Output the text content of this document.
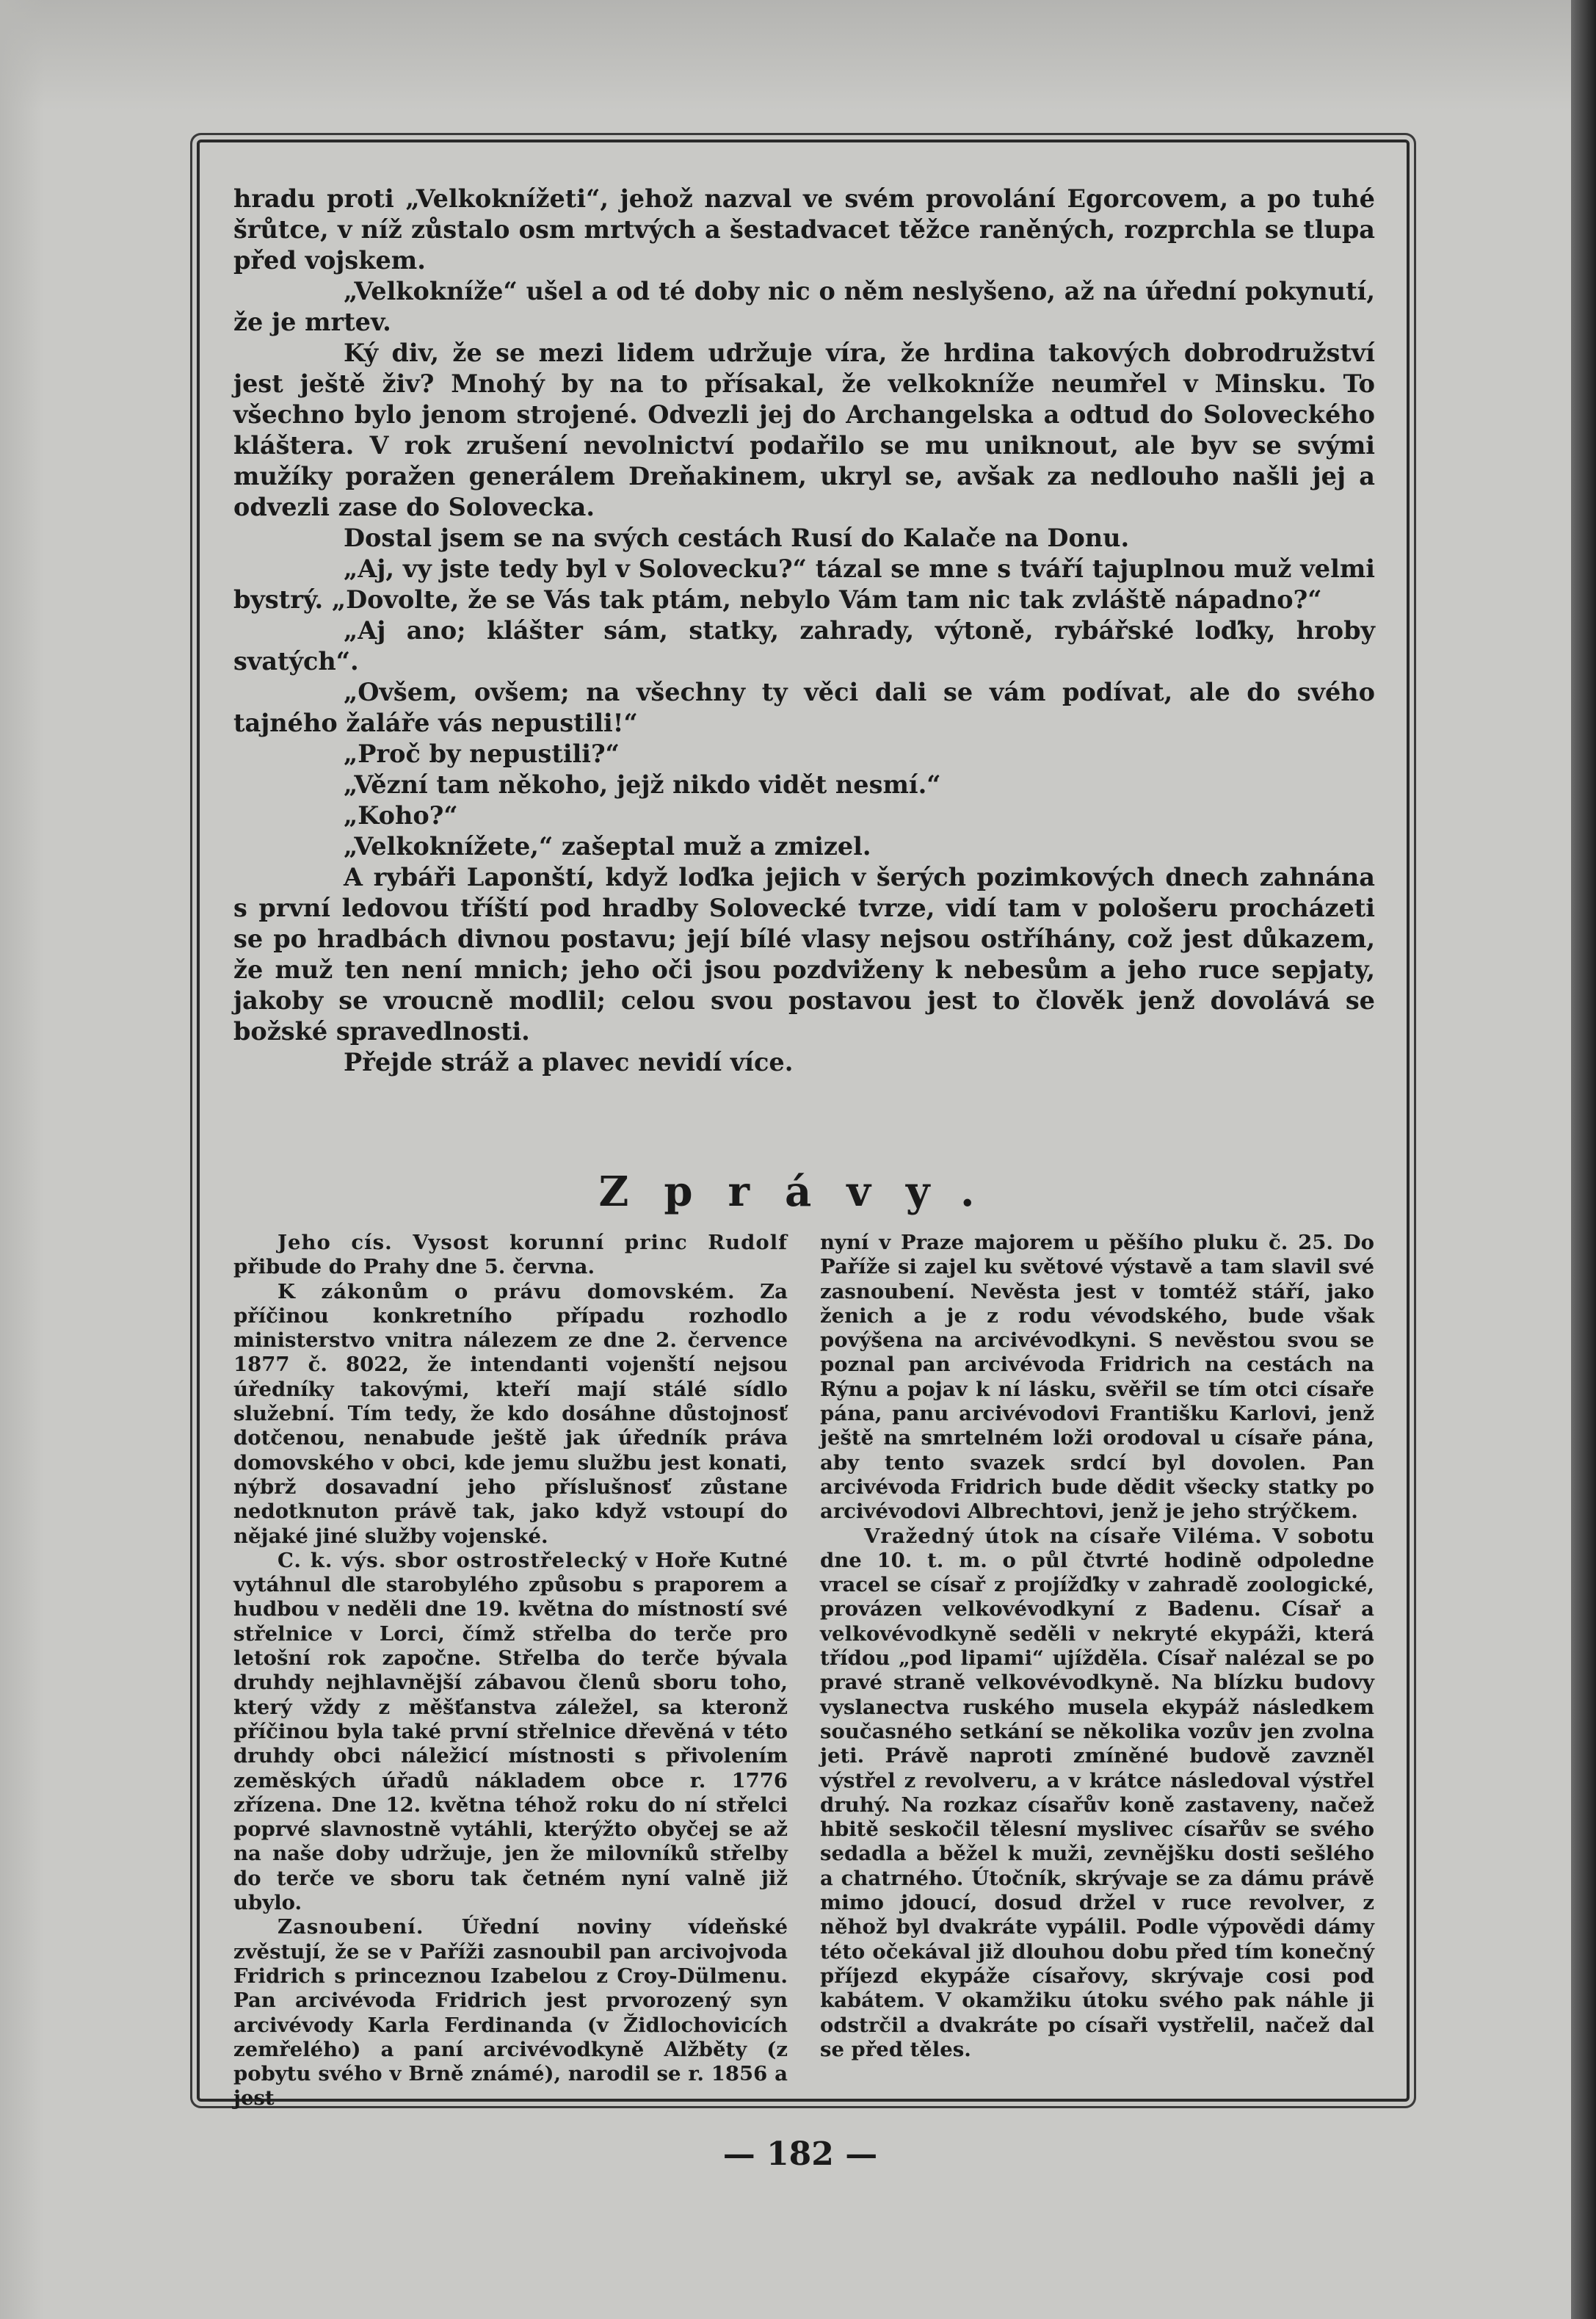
hradu proti „Velkoknížeti“, jehož nazval ve svém provolání Egorcovem, a po tuhé šrůtce, v níž zůstalo osm mrtvých a šestadvacet těžce raněných, rozprchla se tlupa před vojskem.

„Velkokníže“ ušel a od té doby nic o něm neslyšeno, až na úřední pokynutí, že je mrtev.

Ký div, že se mezi lidem udržuje víra, že hrdina takových dobrodružství jest ještě živ? Mnohý by na to přísakal, že velkokníže neumřel v Minsku. To všechno bylo jenom strojené. Odvezli jej do Archangelska a odtud do Soloveckého kláštera. V rok zrušení nevolnictví podařilo se mu uniknout, ale byv se svými mužíky poražen generálem Dreňakinem, ukryl se, avšak za nedlouho našli jej a odvezli zase do Solovecka.

Dostal jsem se na svých cestách Rusí do Kalače na Donu.

„Aj, vy jste tedy byl v Solovecku?“ tázal se mne s tváří tajuplnou muž velmi bystrý. „Dovolte, že se Vás tak ptám, nebylo Vám tam nic tak zvláště nápadno?“

„Aj ano; klášter sám, statky, zahrady, výtoně, rybářské loďky, hroby svatých“.

„Ovšem, ovšem; na všechny ty věci dali se vám podívat, ale do svého tajného žaláře vás nepustili!“

„Proč by nepustili?“

„Vězní tam někoho, jejž nikdo vidět nesmí.“

„Koho?“

„Velkoknížete,“ zašeptal muž a zmizel.

A rybáři Laponští, když loďka jejich v šerých pozimkových dnech zahnána s první ledovou tříští pod hradby Solovecké tvrze, vidí tam v pološeru procházeti se po hradbách divnou postavu; její bílé vlasy nejsou ostříhány, což jest důkazem, že muž ten není mnich; jeho oči jsou pozdviženy k nebesům a jeho ruce sepjaty, jakoby se vroucně modlil; celou svou postavou jest to člověk jenž dovolává se božské spravedlnosti.

Přejde stráž a plavec nevidí více.

Zprávy.

Jeho cís. Vysost korunní princ Rudolf přibude do Prahy dne 5. června.

K zákonům o právu domovském. Za příčinou konkretního případu rozhodlo ministerstvo vnitra nálezem ze dne 2. července 1877 č. 8022, že intendanti vojenští nejsou úředníky takovými, kteří mají stálé sídlo služební. Tím tedy, že kdo dosáhne důstojnosť dotčenou, nenabude ještě jak úředník práva domovského v obci, kde jemu službu jest konati, nýbrž dosavadní jeho příslušnosť zůstane nedotknuton právě tak, jako když vstoupí do nějaké jiné služby vojenské.

C. k. výs. sbor ostrostřelecký v Hoře Kutné vytáhnul dle starobylého způsobu s praporem a hudbou v neděli dne 19. května do místností své střelnice v Lorci, čímž střelba do terče pro letošní rok započne. Střelba do terče bývala druhdy nejhlavnější zábavou členů sboru toho, který vždy z měšťanstva záležel, sa kteronž příčinou byla také první střelnice dřevěná v této druhdy obci náležicí místnosti s přivolením zeměských úřadů nákladem obce r. 1776 zřízena. Dne 12. května téhož roku do ní střelci poprvé slavnostně vytáhli, kterýžto obyčej se až na naše doby udržuje, jen že milovníků střelby do terče ve sboru tak četném nyní valně již ubylo.

Zasnoubení. Úřední noviny vídeňské zvěstují, že se v Paříži zasnoubil pan arcivojvoda Fridrich s princeznou Izabelou z Croy-Dülmenu. Pan arcivévoda Fridrich jest prvorozený syn arcivévody Karla Ferdinanda (v Židlochovicích zemřelého) a paní arcivévodkyně Alžběty (z pobytu svého v Brně známé), narodil se r. 1856 a jest

nyní v Praze majorem u pěšího pluku č. 25. Do Paříže si zajel ku světové výstavě a tam slavil své zasnoubení. Nevěsta jest v tomtéž stáří, jako ženich a je z rodu vévodského, bude však povýšena na arcivévodkyni. S nevěstou svou se poznal pan arcivévoda Fridrich na cestách na Rýnu a pojav k ní lásku, svěřil se tím otci císaře pána, panu arcivévodovi Františku Karlovi, jenž ještě na smrtelném loži orodoval u císaře pána, aby tento svazek srdcí byl dovolen. Pan arcivévoda Fridrich bude dědit všecky statky po arcivévodovi Albrechtovi, jenž je jeho strýčkem.

Vražedný útok na císaře Viléma. V sobotu dne 10. t. m. o půl čtvrté hodině odpoledne vracel se císař z projížďky v zahradě zoologické, provázen velkovévodkyní z Badenu. Císař a velkovévodkyně seděli v nekryté ekypáži, která třídou „pod lipami“ ujížděla. Císař nalézal se po pravé straně velkovévodkyně. Na blízku budovy vyslanectva ruského musela ekypáž následkem současného setkání se několika vozův jen zvolna jeti. Právě naproti zmíněné budově zavzněl výstřel z revolveru, a v krátce následoval výstřel druhý. Na rozkaz císařův koně zastaveny, načež hbitě seskočil tělesní myslivec císařův se svého sedadla a běžel k muži, zevnějšku dosti sešlého a chatrného. Útočník, skrývaje se za dámu právě mimo jdoucí, dosud držel v ruce revolver, z něhož byl dvakráte vypálil. Podle výpovědi dámy této očekával již dlouhou dobu před tím konečný příjezd ekypáže císařovy, skrývaje cosi pod kabátem. V okamžiku útoku svého pak náhle ji odstrčil a dvakráte po císaři vystřelil, načež dal se před těles.

— 182 —
